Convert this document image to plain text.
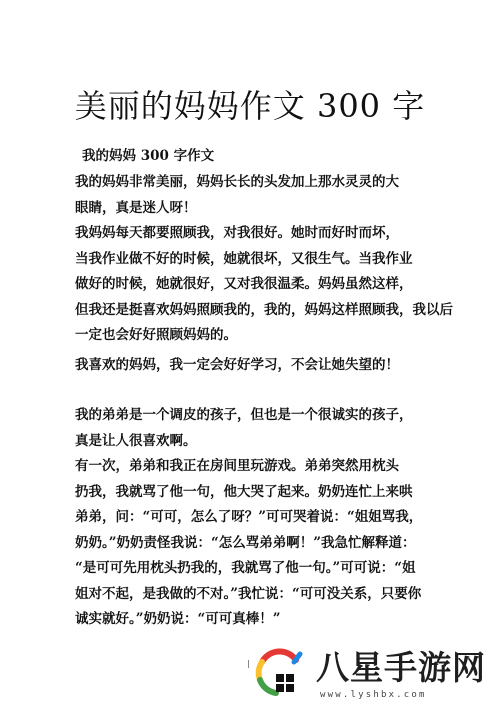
美丽的妈妈作文 300 字
我的妈妈 300 字作文
我的妈妈非常美丽，妈妈长长的头发加上那水灵灵的大
眼睛，真是迷人呀！
我妈妈每天都要照顾我，对我很好。她时而好时而坏，
当我作业做不好的时候，她就很坏，又很生气。当我作业
做好的时候，她就很好，又对我很温柔。妈妈虽然这样，
但我还是挺喜欢妈妈照顾我的，我的，妈妈这样照顾我，我以后
一定也会好好照顾妈妈的。
我喜欢的妈妈，我一定会好好学习，不会让她失望的！
我的弟弟是一个调皮的孩子，但也是一个很诚实的孩子，
真是让人很喜欢啊。
有一次，弟弟和我正在房间里玩游戏。弟弟突然用枕头
扔我，我就骂了他一句，他大哭了起来。奶奶连忙上来哄
弟弟，问：“可可，怎么了呀？”可可哭着说：“姐姐骂我，
奶奶。”奶奶责怪我说：“怎么骂弟弟啊！”我急忙解释道：
“是可可先用枕头扔我的，我就骂了他一句。”可可说：“姐
姐对不起，是我做的不对。”我忙说：“可可没关系，只要你
诚实就好。”奶奶说：“可可真棒！”
八星手游网
www.lyshbx.com
